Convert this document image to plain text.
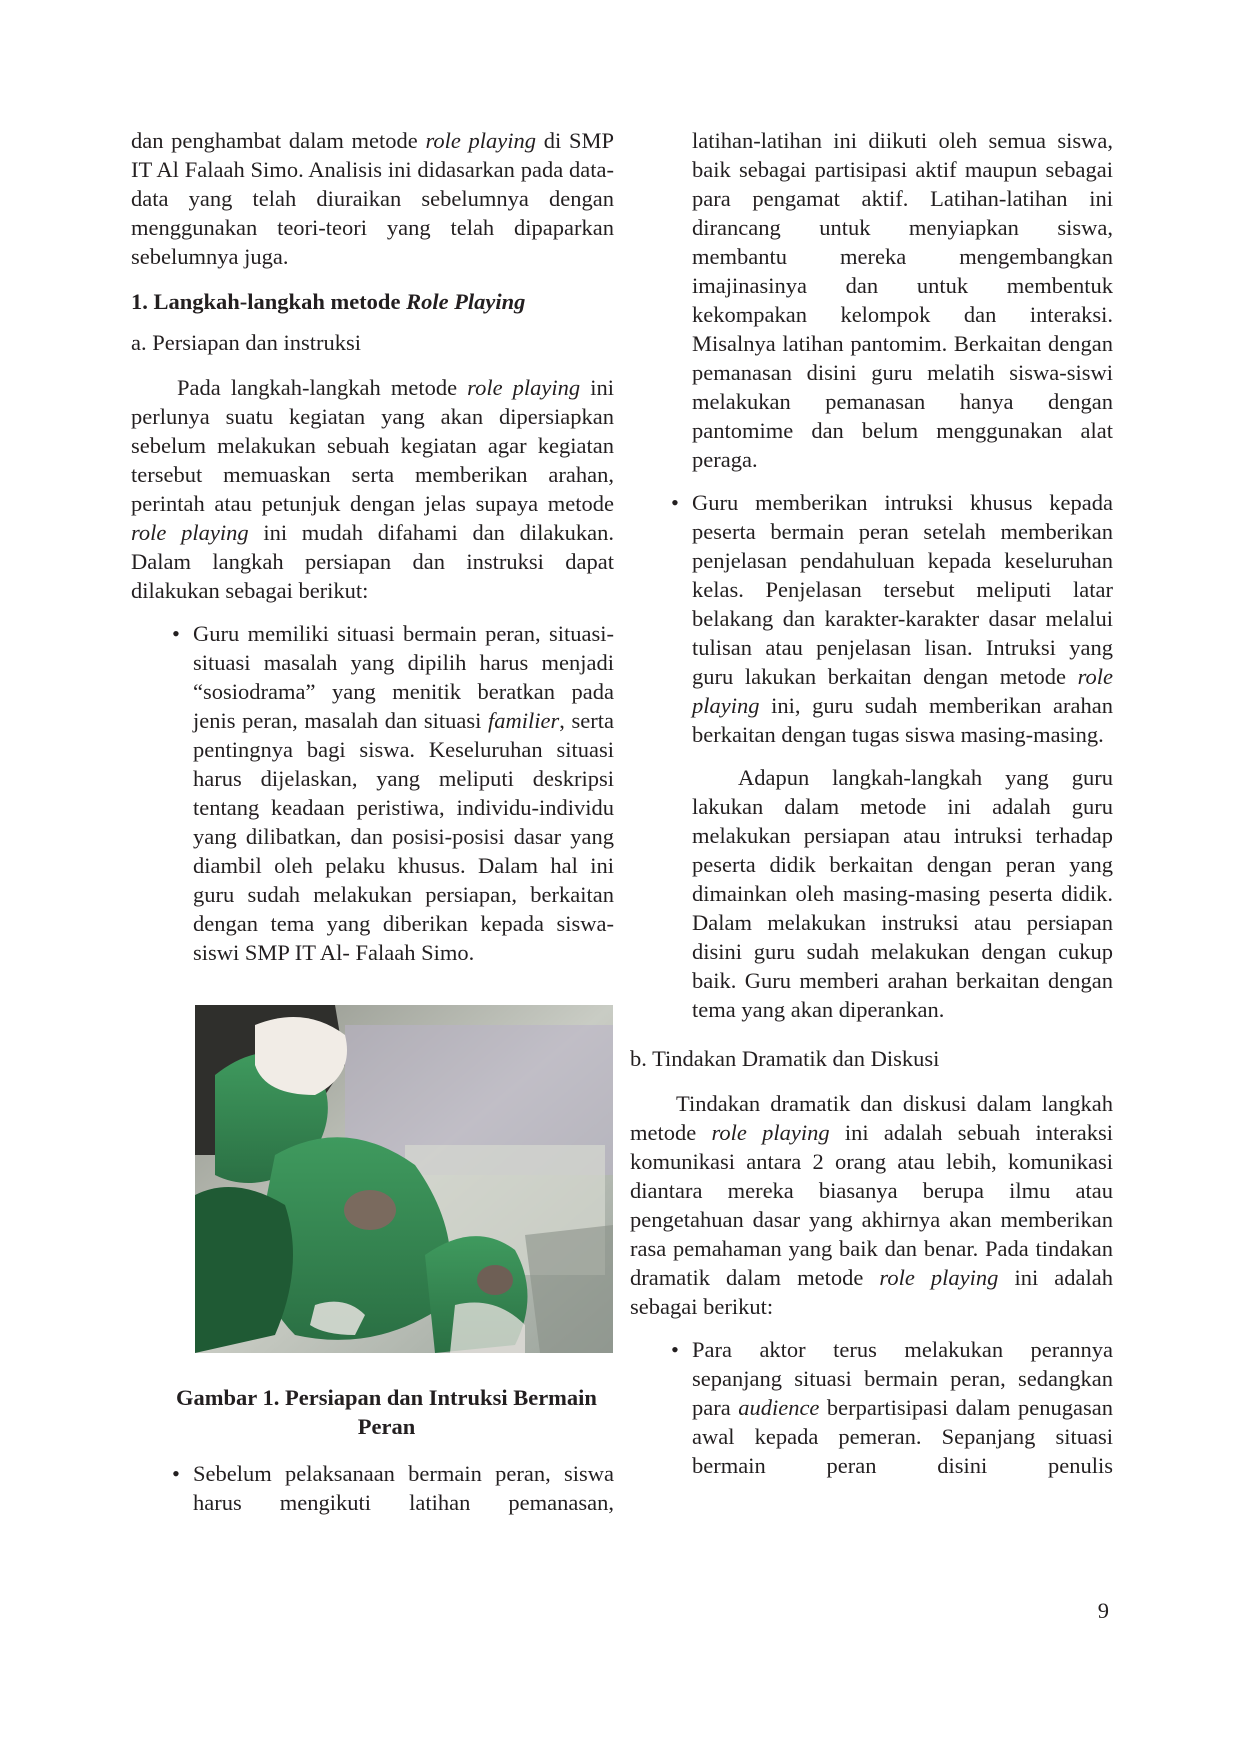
dan penghambat dalam metode role playing di SMP IT Al Falaah Simo. Analisis ini didasarkan pada data-data yang telah diuraikan sebelumnya dengan menggunakan teori-teori yang telah dipaparkan sebelumnya juga.

1. Langkah-langkah metode Role Playing

a. Persiapan dan instruksi

Pada langkah-langkah metode role playing ini perlunya suatu kegiatan yang akan dipersiapkan sebelum melakukan sebuah kegiatan agar kegiatan tersebut memuaskan serta memberikan arahan, perintah atau petunjuk dengan jelas supaya metode role playing ini mudah difahami dan dilakukan. Dalam langkah persiapan dan instruksi dapat dilakukan sebagai berikut:

• Guru memiliki situasi bermain peran, situasi-situasi masalah yang dipilih harus menjadi “sosiodrama” yang menitik beratkan pada jenis peran, masalah dan situasi familier, serta pentingnya bagi siswa. Keseluruhan situasi harus dijelaskan, yang meliputi deskripsi tentang keadaan peristiwa, individu-individu yang dilibatkan, dan posisi-posisi dasar yang diambil oleh pelaku khusus. Dalam hal ini guru sudah melakukan persiapan, berkaitan dengan tema yang diberikan kepada siswa-siswi SMP IT Al- Falaah Simo.

Gambar 1. Persiapan dan Intruksi Bermain Peran

• Sebelum pelaksanaan bermain peran, siswa harus mengikuti latihan pemanasan,

latihan-latihan ini diikuti oleh semua siswa, baik sebagai partisipasi aktif maupun sebagai para pengamat aktif. Latihan-latihan ini dirancang untuk menyiapkan siswa, membantu mereka mengembangkan imajinasinya dan untuk membentuk kekompakan kelompok dan interaksi. Misalnya latihan pantomim. Berkaitan dengan pemanasan disini guru melatih siswa-siswi melakukan pemanasan hanya dengan pantomime dan belum menggunakan alat peraga.

• Guru memberikan intruksi khusus kepada peserta bermain peran setelah memberikan penjelasan pendahuluan kepada keseluruhan kelas. Penjelasan tersebut meliputi latar belakang dan karakter-karakter dasar melalui tulisan atau penjelasan lisan. Intruksi yang guru lakukan berkaitan dengan metode role playing ini, guru sudah memberikan arahan berkaitan dengan tugas siswa masing-masing.

Adapun langkah-langkah yang guru lakukan dalam metode ini adalah guru melakukan persiapan atau intruksi terhadap peserta didik berkaitan dengan peran yang dimainkan oleh masing-masing peserta didik. Dalam melakukan instruksi atau persiapan disini guru sudah melakukan dengan cukup baik. Guru memberi arahan berkaitan dengan tema yang akan diperankan.

b. Tindakan Dramatik dan Diskusi

Tindakan dramatik dan diskusi dalam langkah metode role playing ini adalah sebuah interaksi komunikasi antara 2 orang atau lebih, komunikasi diantara mereka biasanya berupa ilmu atau pengetahuan dasar yang akhirnya akan memberikan rasa pemahaman yang baik dan benar. Pada tindakan dramatik dalam metode role playing ini adalah sebagai berikut:

• Para aktor terus melakukan perannya sepanjang situasi bermain peran, sedangkan para audience berpartisipasi dalam penugasan awal kepada pemeran. Sepanjang situasi bermain peran disini penulis

9
